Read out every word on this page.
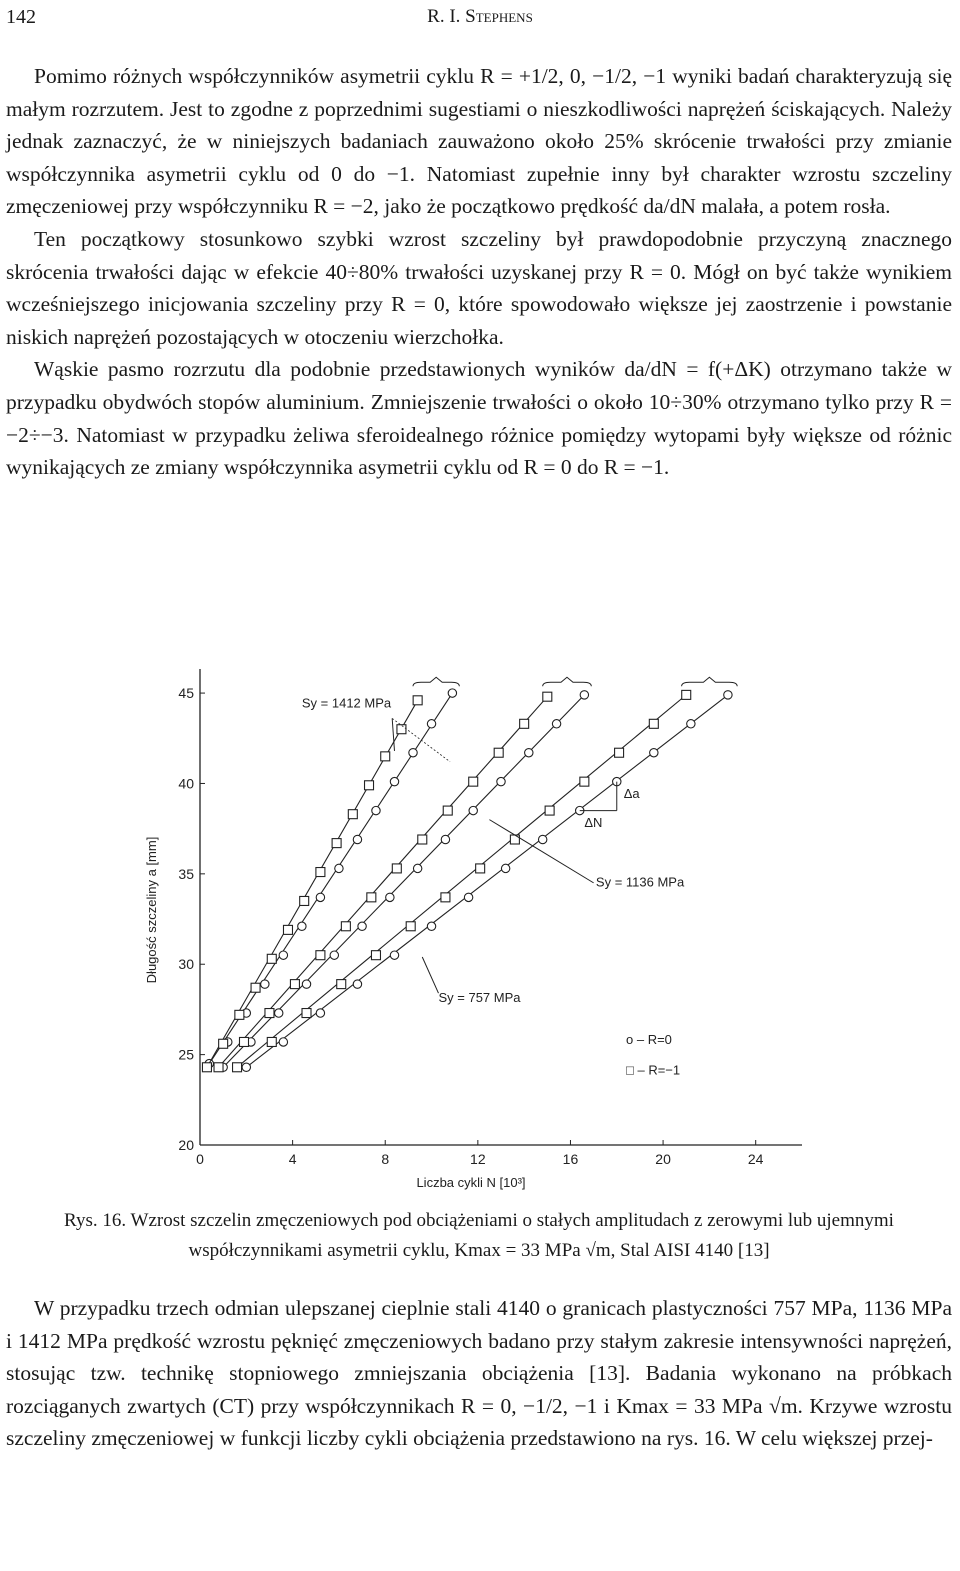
142	R. I. Stephens

Pomimo różnych współczynników asymetrii cyklu R = +1/2, 0, −1/2, −1 wyniki badań charakteryzują się małym rozrzutem. Jest to zgodne z poprzednimi sugestiami o nieszkodliwości naprężeń ściskających. Należy jednak zaznaczyć, że w niniejszych badaniach zauważono około 25% skrócenie trwałości przy zmianie współczynnika asymetrii cyklu od 0 do −1. Natomiast zupełnie inny był charakter wzrostu szczeliny zmęczeniowej przy współczynniku R = −2, jako że początkowo prędkość da/dN malała, a potem rosła.

Ten początkowy stosunkowo szybki wzrost szczeliny był prawdopodobnie przyczyną znacznego skrócenia trwałości dając w efekcie 40÷80% trwałości uzyskanej przy R = 0. Mógł on być także wynikiem wcześniejszego inicjowania szczeliny przy R = 0, które spowodowało większe jej zaostrzenie i powstanie niskich naprężeń pozostających w otoczeniu wierzchołka.

Wąskie pasmo rozrzutu dla podobnie przedstawionych wyników da/dN = f(+ΔK) otrzymano także w przypadku obydwóch stopów aluminium. Zmniejszenie trwałości o około 10÷30% otrzymano tylko przy R = −2÷−3. Natomiast w przypadku żeliwa sferoidealnego różnice pomiędzy wytopami były większe od różnic wynikających ze zmiany współczynnika asymetrii cyklu od R = 0 do R = −1.

0	4	8	12	16	20	24
20
25
30
35
40
45
Liczba cykli N [10³]
Długość szczeliny a [mm]
Sy = 1412 MPa
Sy = 1136 MPa
Sy = 757 MPa
Δa
ΔN
o – R=0
□ – R=−1
Rys. 16. Wzrost szczelin zmęczeniowych pod obciążeniami o stałych amplitudach z zerowymi lub ujemnymi współczynnikami asymetrii cyklu, Kmax = 33 MPa √m, Stal AISI 4140 [13]

W przypadku trzech odmian ulepszanej cieplnie stali 4140 o granicach plastyczności 757 MPa, 1136 MPa i 1412 MPa prędkość wzrostu pęknięć zmęczeniowych badano przy stałym zakresie intensywności naprężeń, stosując tzw. technikę stopniowego zmniejszania obciążenia [13]. Badania wykonano na próbkach rozciąganych zwartych (CT) przy współczynnikach R = 0, −1/2, −1 i Kmax = 33 MPa √m. Krzywe wzrostu szczeliny zmęczeniowej w funkcji liczby cykli obciążenia przedstawiono na rys. 16. W celu większej przej-
